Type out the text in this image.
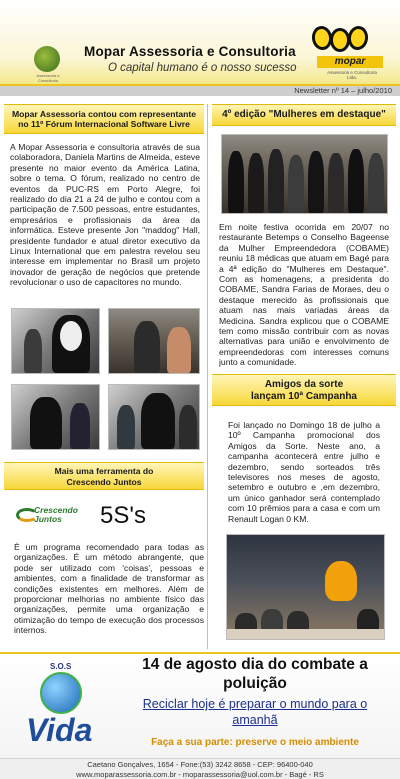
Assessoria e Consultoria
Mopar Assessoria e Consultoria
O capital humano é o nosso sucesso
mopar
Assessoria e Consultoria Ltda.
Newsletter nº 14 – julho/2010
Mopar Assessoria contou com representante no 11º Fórum Internacional Software Livre
A Mopar Assessoria e consultoria através de sua colaboradora, Daniela Martins de Almeida, esteve presente no maior evento da América Latina, sobre o tema. O fórum, realizado no centro de eventos da PUC-RS em Porto Alegre, foi realizado do dia 21 a 24 de julho e contou com a participação de 7.500 pessoas, entre estudantes, empresários e profissionais da área da informática. Esteve presente Jon "maddog" Hall, presidente fundador e atual diretor executivo da Linux International que em palestra revelou seu interesse em implementar no Brasil um projeto inovador de geração de negócios que pretende revolucionar o uso de capacitores no mundo.
Mais uma ferramenta do Crescendo Juntos
Crescendo Juntos	5S's
É um programa recomendado para todas as organizações. É um método abrangente, que pode ser utilizado com 'coisas', pessoas e ambientes, com a finalidade de transformar as condições existentes em melhores. Além de proporcionar melhorias no ambiente físico das organizações, permite uma organização e otimização do tempo de execução dos processos internos.
4º edição "Mulheres em destaque"
Em noite festiva ocorrida em 20/07 no restaurante Betemps o Conselho Bageense da Mulher Empreendedora (COBAME) reuniu 18 médicas que atuam em Bagé para a 4ª edição do "Mulheres em Destaque". Com as homenagens, a presidenta do COBAME, Sandra Farias de Moraes, deu o destaque merecido às profissionais que atuam nas mais variadas áreas da Medicina. Sandra explicou que o COBAME tem como missão contribuir com as novas alternativas para união e envolvimento de empreendedoras com interesses comuns junto a comunidade.
Amigos da sorte lançam 10ª Campanha
Foi lançado no Domingo 18 de julho a 10º Campanha promocional dos Amigos da Sorte. Neste ano, a campanha acontecerá entre julho e dezembro, sendo sorteados três televisores nos meses de agosto, setembro e outubro e ,em dezembro, um único ganhador será contemplado com 10 prêmios para a casa e com um Renault Logan 0 KM.
S.O.S
Vida
14 de agosto dia do combate a poluição
Reciclar hoje é preparar o mundo para o amanhã
Faça a sua parte: preserve o meio ambiente
Caetano Gonçalves, 1654 - Fone:(53) 3242 8658 - CEP: 96400-040
www.moparassessoria.com.br - moparassessoria@uol.com.br - Bagé - RS
